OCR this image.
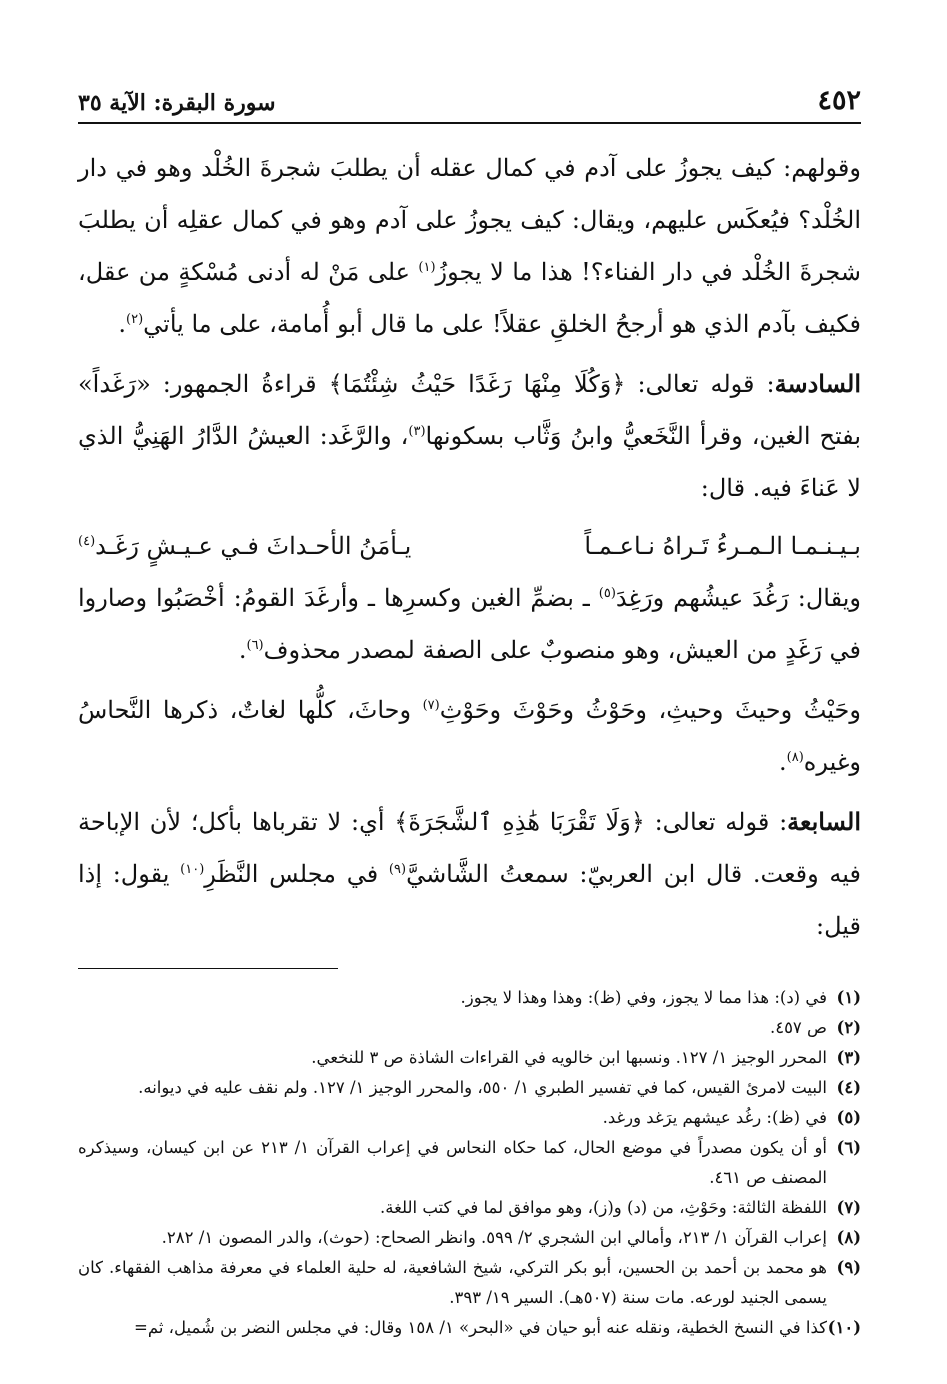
٤٥٢
سورة البقرة: الآية ٣٥

وقولهم: كيف يجوزُ على آدم في كمال عقله أن يطلبَ شجرةَ الخُلْد وهو في دار الخُلْد؟ فيُعكَس عليهم، ويقال: كيف يجوزُ على آدم وهو في كمال عقلِه أن يطلبَ شجرةَ الخُلْد في دار الفناء؟! هذا ما لا يجوزُ$^{(١)}$ على مَنْ له أدنى مُسْكةٍ من عقل، فكيف بآدم الذي هو أرجحُ الخلقِ عقلاً! على ما قال أبو أُمامة، على ما يأتي$^{(٢)}$.

السادسة: قوله تعالى: ﴿وَكُلَا مِنْهَا رَغَدًا حَيْثُ شِئْتُمَا﴾ قراءةُ الجمهور: «رَغَداً» بفتح الغين، وقرأ النَّخَعيُّ وابنُ وَثَّاب بسكونها$^{(٣)}$، والرَّغَد: العيشُ الدَّارُ الهَنِيُّ الذي لا عَناءَ فيه. قال:

بـيـنـمـا الـمـرءُ تَـراهُ نـاعـمـاً
يـأمَنُ الأحـداثَ فـي عـيـشٍ رَغَـد$^{(٤)}$

ويقال: رَغُدَ عيشُهم ورَغِدَ$^{(٥)}$ ـ بضمِّ الغين وكسرِها ـ وأرغَدَ القومُ: أخْصَبُوا وصاروا في رَغَدٍ من العيش، وهو منصوبٌ على الصفة لمصدر محذوف$^{(٦)}$.

وحَيْثُ وحيثَ وحيثِ، وحَوْثُ وحَوْثَ وحَوْثِ$^{(٧)}$ وحاثَ، كلُّها لغاتٌ، ذكرها النَّحاسُ وغيره$^{(٨)}$.

السابعة: قوله تعالى: ﴿وَلَا تَقْرَبَا هَٰذِهِ ٱلشَّجَرَةَ﴾ أي: لا تقرباها بأكل؛ لأن الإباحة فيه وقعت. قال ابن العربيّ: سمعتُ الشَّاشيَّ$^{(٩)}$ في مجلس النَّظَرِ$^{(١٠)}$ يقول: إذا قيل:

(١)
في (د): هذا مما لا يجوز، وفي (ظ): وهذا وهذا لا يجوز.

(٢)
ص ٤٥٧.

(٣)
المحرر الوجيز ١/ ١٢٧. ونسبها ابن خالويه في القراءات الشاذة ص ٣ للنخعي.

(٤)
البيت لامرئ القيس، كما في تفسير الطبري ١/ ٥٥٠، والمحرر الوجيز ١/ ١٢٧. ولم نقف عليه في ديوانه.

(٥)
في (ظ): رغُد عيشهم يرَغد ورغد.

(٦)
أو أن يكون مصدراً في موضع الحال، كما حكاه النحاس في إعراب القرآن ١/ ٢١٣ عن ابن كيسان، وسيذكره المصنف ص ٤٦١.

(٧)
اللفظة الثالثة: وحَوْثِ، من (د) و(ز)، وهو موافق لما في كتب اللغة.

(٨)
إعراب القرآن ١/ ٢١٣، وأمالي ابن الشجري ٢/ ٥٩٩. وانظر الصحاح: (حوث)، والدر المصون ١/ ٢٨٢.

(٩)
هو محمد بن أحمد بن الحسين، أبو بكر التركي، شيخ الشافعية، له حلية العلماء في معرفة مذاهب الفقهاء. كان يسمى الجنيد لورعه. مات سنة (٥٠٧هـ). السير ١٩/ ٣٩٣.

(١٠)
كذا في النسخ الخطية، ونقله عنه أبو حيان في «البحر» ١/ ١٥٨ وقال: في مجلس النضر بن شُميل، ثم=
